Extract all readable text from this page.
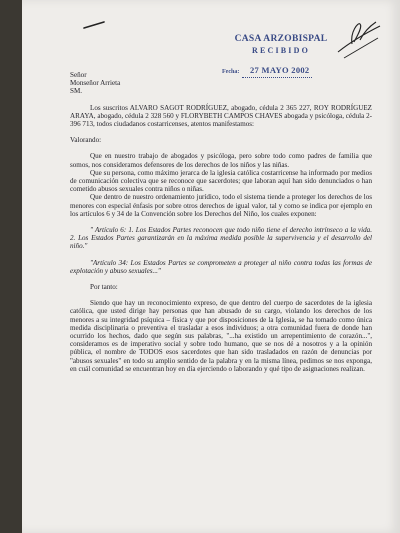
CASA ARZOBISPAL
RECIBIDO
Fecha: 27 MAYO 2002

Señor

Monseñor Arrieta

SM.

Los suscritos ALVARO SAGOT RODRÍGUEZ, abogado, cédula 2 365 227, ROY RODRÍGUEZ ARAYA, abogado, cédula 2 328 560 y FLORYBETH CAMPOS CHAVES abogada y psicóloga, cédula 2- 396 713, todos ciudadanos costarricenses, atentos manifestamos:

Valorando:

Que en nuestro trabajo de abogados y psicóloga, pero sobre todo como padres de familia que somos, nos consideramos defensores de los derechos de los niños y las niñas.

Que su persona, como máximo jerarca de la iglesia católica costarricense ha informado por medios de comunicación colectiva que se reconoce que sacerdotes; que laboran aquí han sido denunciados o han cometido abusos sexuales contra niños o niñas.

Que dentro de nuestro ordenamiento jurídico, todo el sistema tiende a proteger los derechos de los menores con especial énfasis por sobre otros derechos de igual valor, tal y como se indica por ejemplo en los artículos 6 y 34 de la Convención sobre los Derechos del Niño, los cuales exponen:

" Artículo 6: 1. Los Estados Partes reconocen que todo niño tiene el derecho intrínseco a la vida. 2. Los Estados Partes garantizarán en la máxima medida posible la supervivencia y el desarrollo del niño."

"Artículo 34: Los Estados Partes se comprometen a proteger al niño contra todas las formas de explotación y abuso sexuales..."

Por tanto:

Siendo que hay un reconocimiento expreso, de que dentro del cuerpo de sacerdotes de la iglesia católica, que usted dirige hay personas que han abusado de su cargo, violando los derechos de los menores a su integridad psíquica – física y que por disposiciones de la Iglesia, se ha tomado como única medida disciplinaria o preventiva el trasladar a esos individuos; a otra comunidad fuera de donde han ocurrido los hechos, dado que según sus palabras, "...ha existido un arrepentimiento de corazón...", consideramos es de imperativo social y sobre todo humano, que se nos dé a nosotros y a la opinión pública, el nombre de TODOS esos sacerdotes que han sido trasladados en razón de denuncias por "abusos sexuales" en todo su amplio sentido de la palabra y en la misma línea, pedimos se nos exponga, en cuál comunidad se encuentran hoy en día ejerciendo o laborando y qué tipo de asignaciones realizan.
